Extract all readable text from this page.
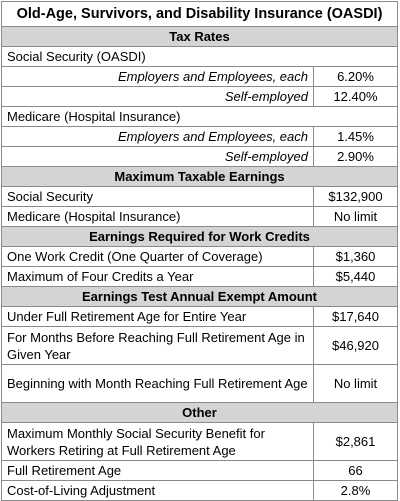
Old-Age, Survivors, and Disability Insurance (OASDI)	
Tax Rates	
Social Security (OASDI)	
Employers and Employees, each	6.20%
Self-employed	12.40%
Medicare (Hospital Insurance)	
Employers and Employees, each	1.45%
Self-employed	2.90%
Maximum Taxable Earnings	
Social Security	$132,900
Medicare (Hospital Insurance)	No limit
Earnings Required for Work Credits	
One Work Credit (One Quarter of Coverage)	$1,360
Maximum of Four Credits a Year	$5,440
Earnings Test Annual Exempt Amount	
Under Full Retirement Age for Entire Year	$17,640
For Months Before Reaching Full Retirement Age in Given Year	$46,920
Beginning with Month Reaching Full Retirement Age	No limit
Other	
Maximum Monthly Social Security Benefit for Workers Retiring at Full Retirement Age	$2,861
Full Retirement Age	66
Cost-of-Living Adjustment	2.8%
